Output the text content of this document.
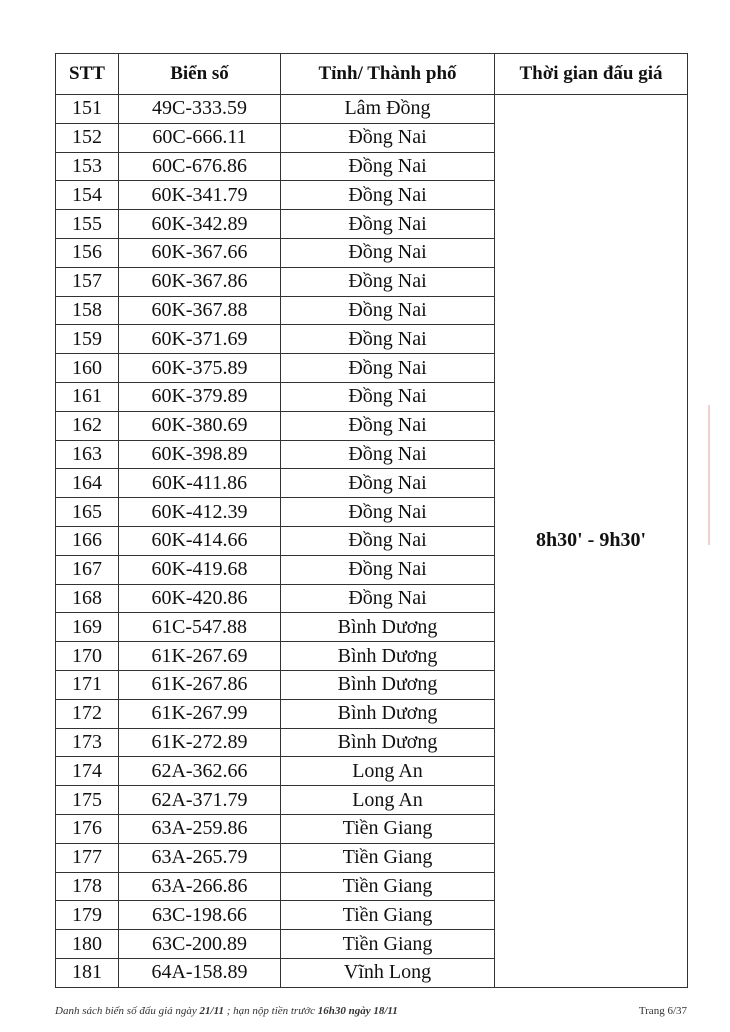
STT	Biển số	Tỉnh/ Thành phố	Thời gian đấu giá
151	49C-333.59	Lâm Đồng	8h30' - 9h30'
152	60C-666.11	Đồng Nai	
153	60C-676.86	Đồng Nai	
154	60K-341.79	Đồng Nai	
155	60K-342.89	Đồng Nai	
156	60K-367.66	Đồng Nai	
157	60K-367.86	Đồng Nai	
158	60K-367.88	Đồng Nai	
159	60K-371.69	Đồng Nai	
160	60K-375.89	Đồng Nai	
161	60K-379.89	Đồng Nai	
162	60K-380.69	Đồng Nai	
163	60K-398.89	Đồng Nai	
164	60K-411.86	Đồng Nai	
165	60K-412.39	Đồng Nai	
166	60K-414.66	Đồng Nai	
167	60K-419.68	Đồng Nai	
168	60K-420.86	Đồng Nai	
169	61C-547.88	Bình Dương	
170	61K-267.69	Bình Dương	
171	61K-267.86	Bình Dương	
172	61K-267.99	Bình Dương	
173	61K-272.89	Bình Dương	
174	62A-362.66	Long An	
175	62A-371.79	Long An	
176	63A-259.86	Tiền Giang	
177	63A-265.79	Tiền Giang	
178	63A-266.86	Tiền Giang	
179	63C-198.66	Tiền Giang	
180	63C-200.89	Tiền Giang	
181	64A-158.89	Vĩnh Long	
Danh sách biển số đấu giá ngày 21/11 ; hạn nộp tiền trước 16h30 ngày 18/11	Trang 6/37
